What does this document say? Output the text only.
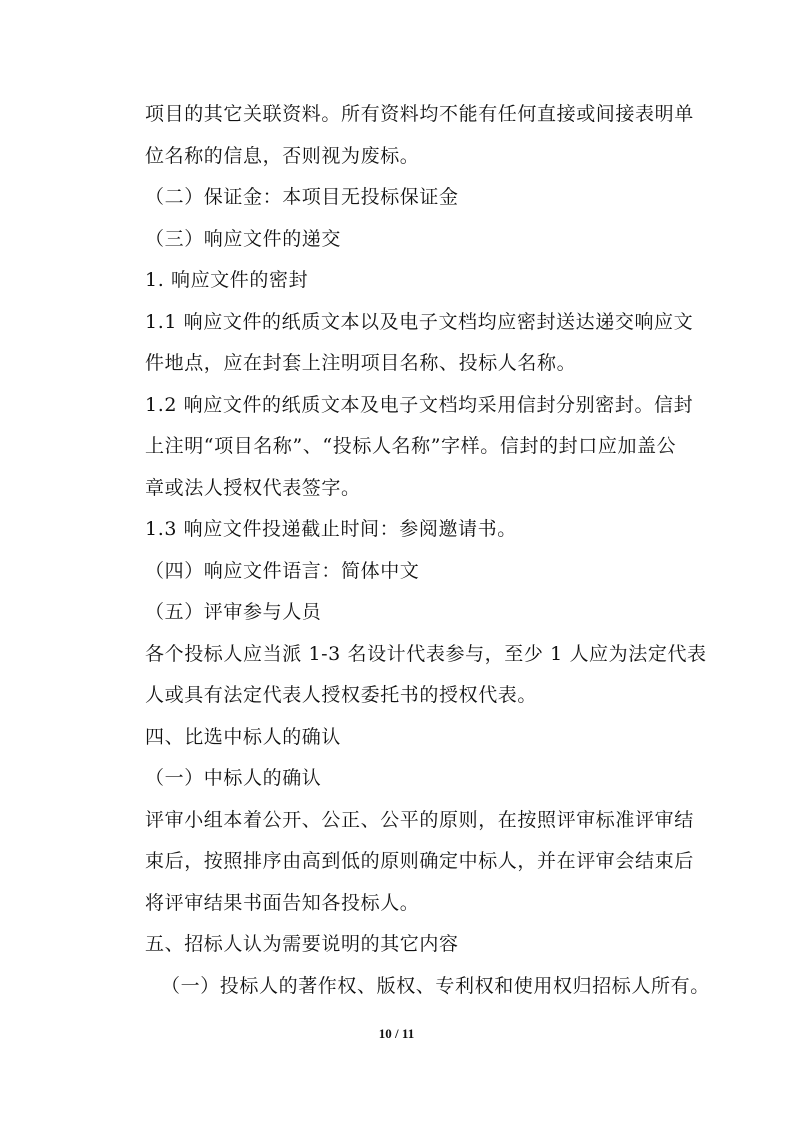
项目的其它关联资料。所有资料均不能有任何直接或间接表明单
位名称的信息，否则视为废标。
（二）保证金：本项目无投标保证金
（三）响应文件的递交
1. 响应文件的密封
1.1 响应文件的纸质文本以及电子文档均应密封送达递交响应文
件地点，应在封套上注明项目名称、投标人名称。
1.2 响应文件的纸质文本及电子文档均采用信封分别密封。信封
上注明“项目名称”、“投标人名称”字样。信封的封口应加盖公
章或法人授权代表签字。
1.3 响应文件投递截止时间：参阅邀请书。
（四）响应文件语言：简体中文
（五）评审参与人员
各个投标人应当派 1-3 名设计代表参与，至少 1 人应为法定代表
人或具有法定代表人授权委托书的授权代表。
四、比选中标人的确认
（一）中标人的确认
评审小组本着公开、公正、公平的原则，在按照评审标准评审结
束后，按照排序由高到低的原则确定中标人，并在评审会结束后
将评审结果书面告知各投标人。
五、招标人认为需要说明的其它内容
（一）投标人的著作权、版权、专利权和使用权归招标人所有。
10 / 11
